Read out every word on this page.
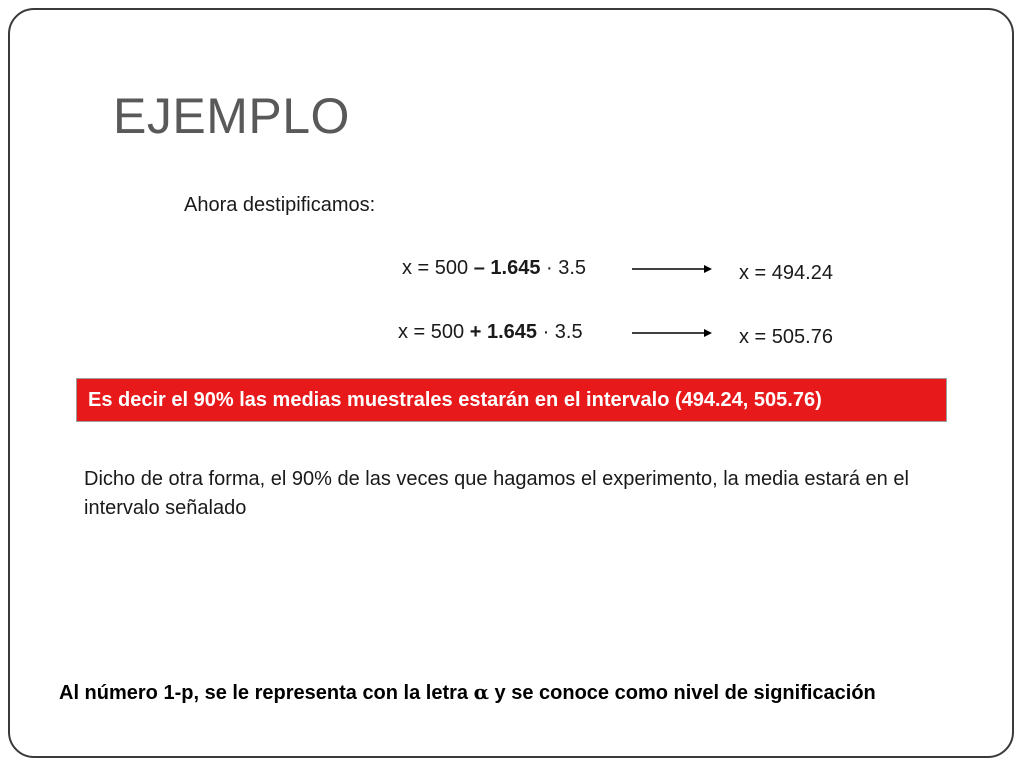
EJEMPLO
Ahora destipificamos:
x = 500 – 1.645 · 3.5	x = 494.24
x = 500 + 1.645 · 3.5	x = 505.76
Es decir el 90% las medias muestrales estarán en el intervalo (494.24, 505.76)
Dicho de otra forma, el 90% de las veces que hagamos el experimento, la media estará en el intervalo señalado
Al número 1-p, se le representa con la letra α y se conoce como nivel de significación
